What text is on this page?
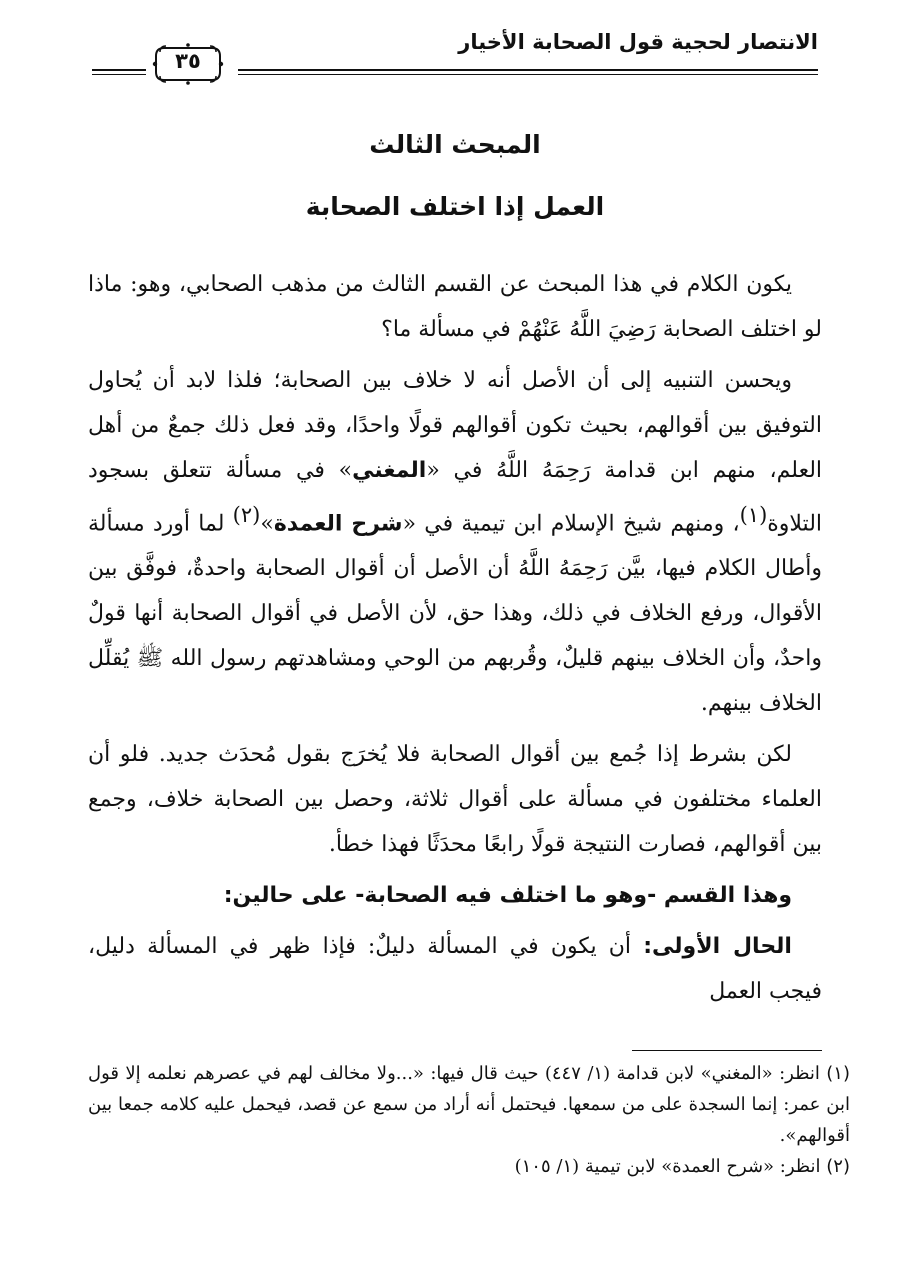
الانتصار لحجية قول الصحابة الأخيار
٣٥
المبحث الثالث
العمل إذا اختلف الصحابة

يكون الكلام في هذا المبحث عن القسم الثالث من مذهب الصحابي، وهو: ماذا لو اختلف الصحابة رَضِيَ اللَّهُ عَنْهُمْ في مسألة ما؟

ويحسن التنبيه إلى أن الأصل أنه لا خلاف بين الصحابة؛ فلذا لابد أن يُحاول التوفيق بين أقوالهم، بحيث تكون أقوالهم قولًا واحدًا، وقد فعل ذلك جمعٌ من أهل العلم، منهم ابن قدامة رَحِمَهُ اللَّهُ في «المغني» في مسألة تتعلق بسجود التلاوة$^{(١)}$، ومنهم شيخ الإسلام ابن تيمية في «شرح العمدة»$^{(٢)}$ لما أورد مسألة وأطال الكلام فيها، بيَّن رَحِمَهُ اللَّهُ أن الأصل أن أقوال الصحابة واحدةٌ، فوفَّق بين الأقوال، ورفع الخلاف في ذلك، وهذا حق، لأن الأصل في أقوال الصحابة أنها قولٌ واحدٌ، وأن الخلاف بينهم قليلٌ، وقُربهم من الوحي ومشاهدتهم رسول الله ﷺ يُقلِّل الخلاف بينهم.

لكن بشرط إذا جُمع بين أقوال الصحابة فلا يُخرَج بقول مُحدَث جديد. فلو أن العلماء مختلفون في مسألة على أقوال ثلاثة، وحصل بين الصحابة خلاف، وجمع بين أقوالهم، فصارت النتيجة قولًا رابعًا محدَثًا فهذا خطأ.

وهذا القسم -وهو ما اختلف فيه الصحابة- على حالين:

الحال الأولى: أن يكون في المسألة دليلٌ: فإذا ظهر في المسألة دليل، فيجب العمل

(١) انظر: «المغني» لابن قدامة (١/ ٤٤٧) حيث قال فيها: «...ولا مخالف لهم في عصرهم نعلمه إلا قول ابن عمر: إنما السجدة على من سمعها. فيحتمل أنه أراد من سمع عن قصد، فيحمل عليه كلامه جمعا بين أقوالهم».

(٢) انظر: «شرح العمدة» لابن تيمية (١/ ١٠٥)
